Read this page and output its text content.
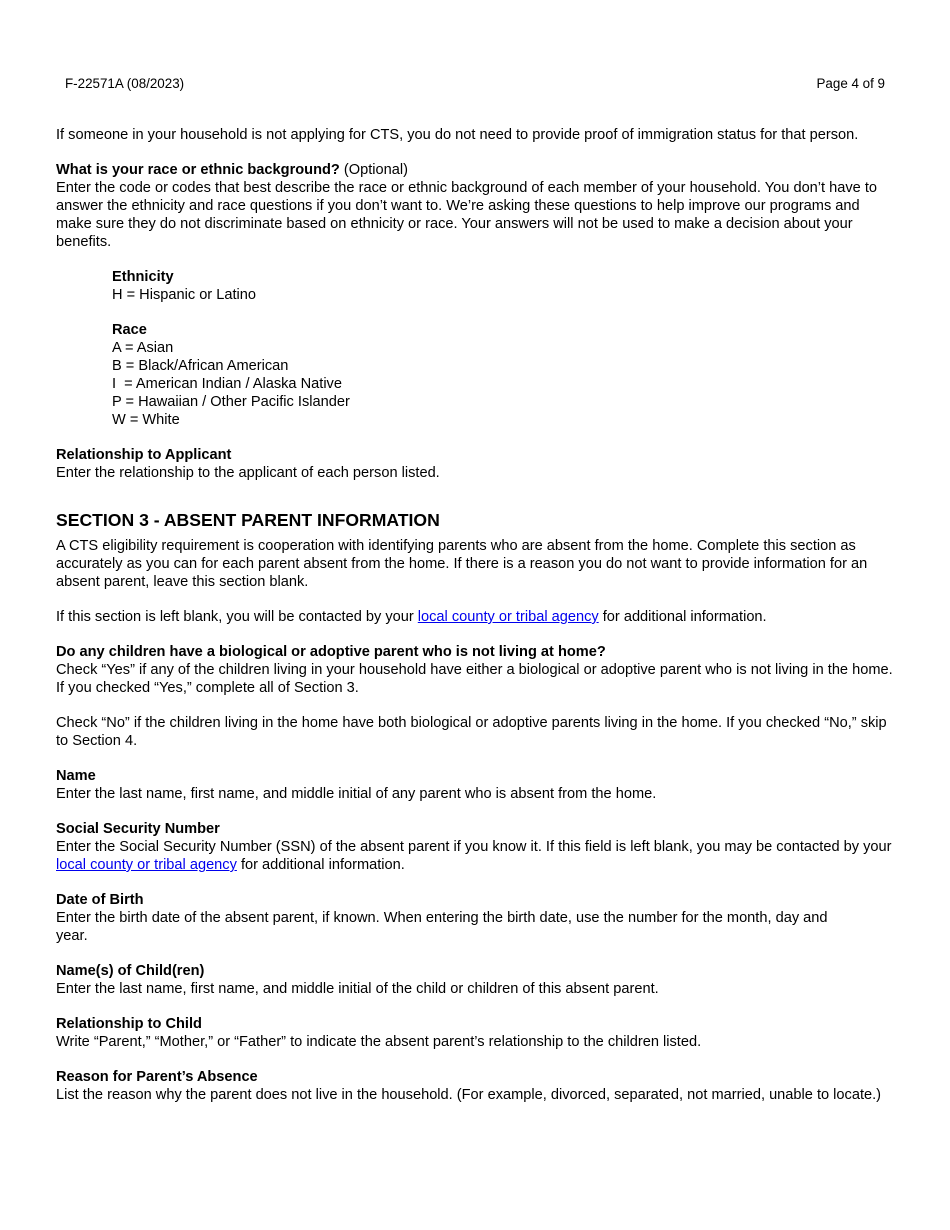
F-22571A (08/2023)	Page 4 of 9

If someone in your household is not applying for CTS, you do not need to provide proof of immigration status for that person.

What is your race or ethnic background? (Optional)

Enter the code or codes that best describe the race or ethnic background of each member of your household. You don’t have to answer the ethnicity and race questions if you don’t want to. We’re asking these questions to help improve our programs and make sure they do not discriminate based on ethnicity or race. Your answers will not be used to make a decision about your benefits.

Ethnicity

H = Hispanic or Latino

Race

A = Asian

B = Black/African American

I  = American Indian / Alaska Native

P = Hawaiian / Other Pacific Islander

W = White

Relationship to Applicant

Enter the relationship to the applicant of each person listed.

SECTION 3 - ABSENT PARENT INFORMATION

A CTS eligibility requirement is cooperation with identifying parents who are absent from the home. Complete this section as accurately as you can for each parent absent from the home. If there is a reason you do not want to provide information for an absent parent, leave this section blank.

If this section is left blank, you will be contacted by your local county or tribal agency for additional information.

Do any children have a biological or adoptive parent who is not living at home?

Check “Yes” if any of the children living in your household have either a biological or adoptive parent who is not living in the home. If you checked “Yes,” complete all of Section 3.

Check “No” if the children living in the home have both biological or adoptive parents living in the home. If you checked “No,” skip to Section 4.

Name

Enter the last name, first name, and middle initial of any parent who is absent from the home.

Social Security Number

Enter the Social Security Number (SSN) of the absent parent if you know it. If this field is left blank, you may be contacted by your local county or tribal agency for additional information.

Date of Birth

Enter the birth date of the absent parent, if known. When entering the birth date, use the number for the month, day and year.

Name(s) of Child(ren)

Enter the last name, first name, and middle initial of the child or children of this absent parent.

Relationship to Child

Write “Parent,” “Mother,” or “Father” to indicate the absent parent’s relationship to the children listed.

Reason for Parent’s Absence

List the reason why the parent does not live in the household. (For example, divorced, separated, not married, unable to locate.)
